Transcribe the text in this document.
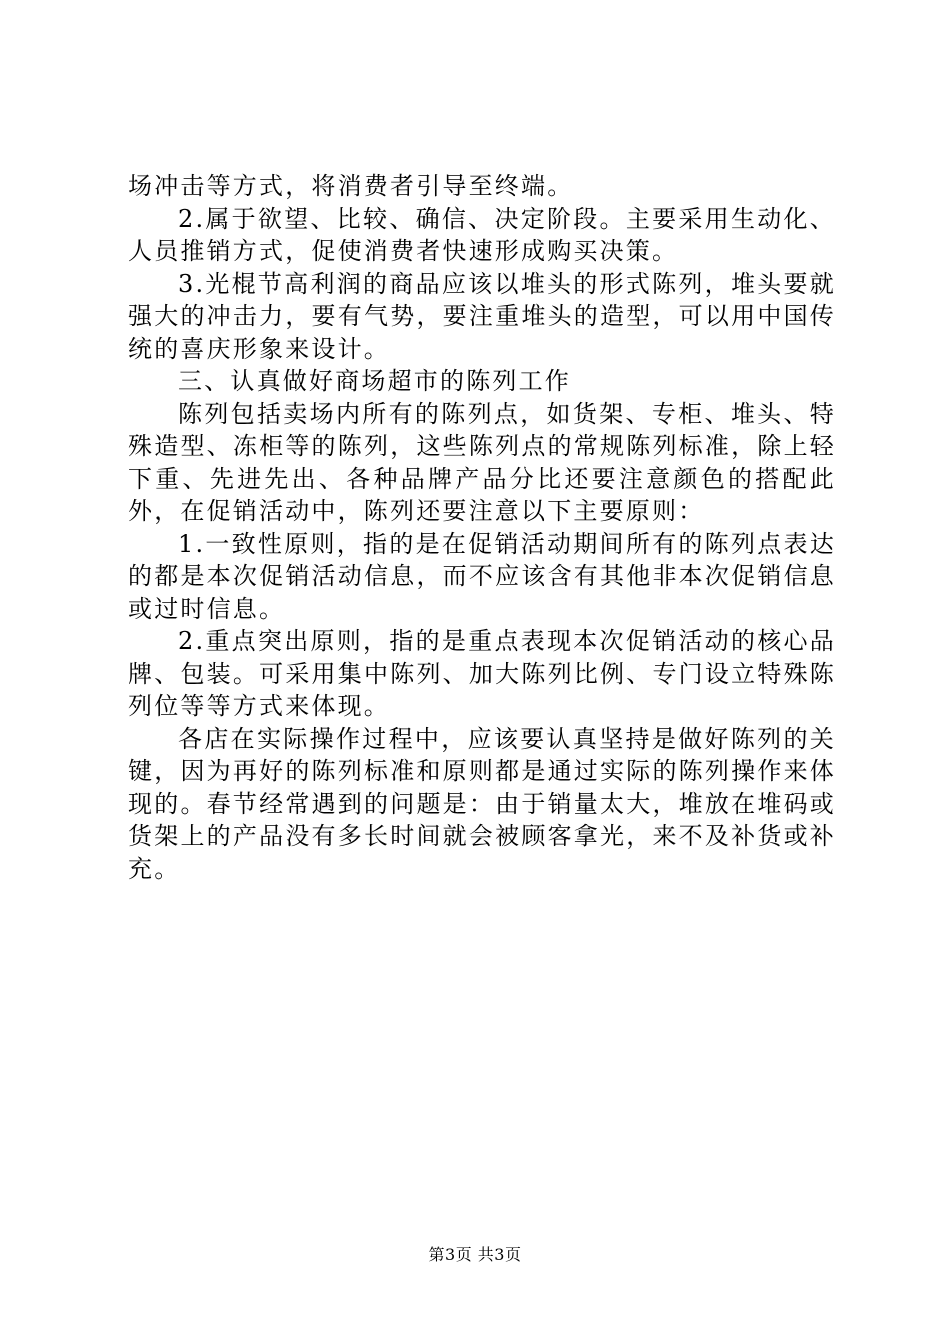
场冲击等方式，将消费者引导至终端。

2.属于欲望、比较、确信、决定阶段。主要采用生动化、人员推销方式，促使消费者快速形成购买决策。

3.光棍节高利润的商品应该以堆头的形式陈列，堆头要就强大的冲击力，要有气势，要注重堆头的造型，可以用中国传统的喜庆形象来设计。

三、认真做好商场超市的陈列工作

陈列包括卖场内所有的陈列点，如货架、专柜、堆头、特殊造型、冻柜等的陈列，这些陈列点的常规陈列标准，除上轻下重、先进先出、各种品牌产品分比还要注意颜色的搭配此外，在促销活动中，陈列还要注意以下主要原则：

1.一致性原则，指的是在促销活动期间所有的陈列点表达的都是本次促销活动信息，而不应该含有其他非本次促销信息或过时信息。

2.重点突出原则，指的是重点表现本次促销活动的核心品牌、包装。可采用集中陈列、加大陈列比例、专门设立特殊陈列位等等方式来体现。

各店在实际操作过程中，应该要认真坚持是做好陈列的关键，因为再好的陈列标准和原则都是通过实际的陈列操作来体现的。春节经常遇到的问题是：由于销量太大，堆放在堆码或货架上的产品没有多长时间就会被顾客拿光，来不及补货或补充。

第3页 共3页
